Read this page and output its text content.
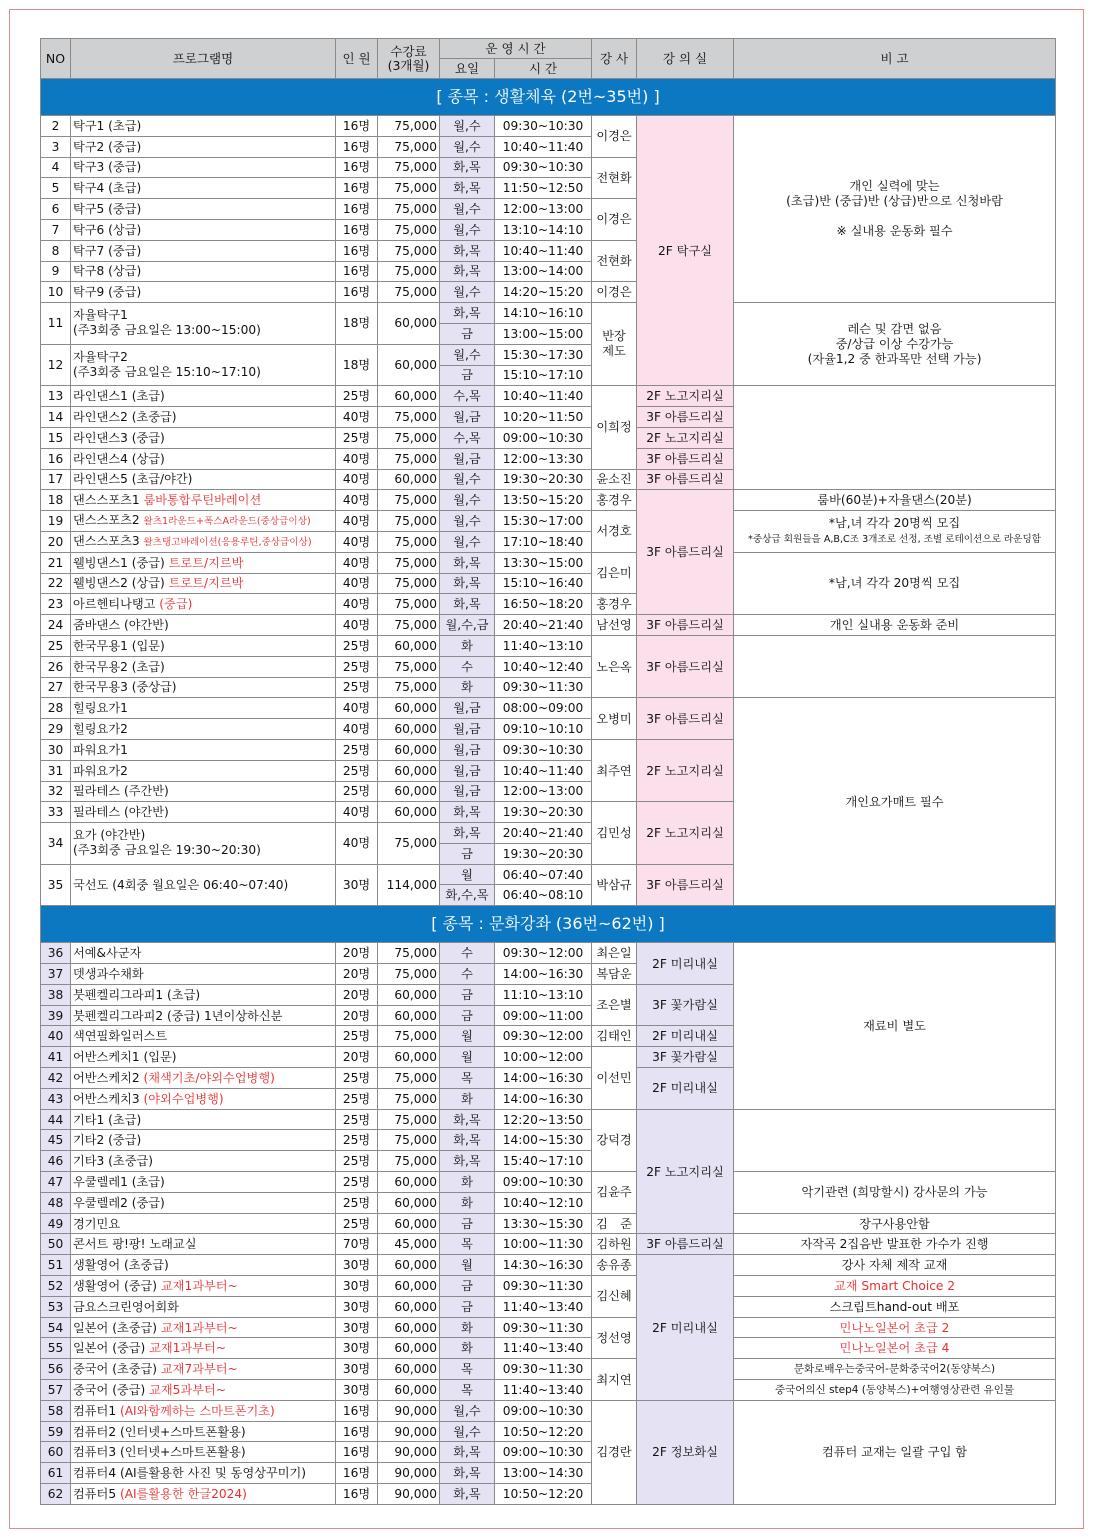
NO	프로그램명	인 원	수강료
(3개월)	운 영 시 간		강 사	강 의 실	비 고
				요일	시 간			
[ 종목 : 생활체육 (2번~35번) ]								
2	탁구1 (초급)	16명	75,000	월,수	09:30~10:30	이경은	2F 탁구실	개인 실력에 맞는
(초급)반 (중급)반 (상급)반으로 신청바람

※ 실내용 운동화 필수
3	탁구2 (중급)	16명	75,000	월,수	10:40~11:40			
4	탁구3 (중급)	16명	75,000	화,목	09:30~10:30	전현화		
5	탁구4 (초급)	16명	75,000	화,목	11:50~12:50			
6	탁구5 (중급)	16명	75,000	월,수	12:00~13:00	이경은		
7	탁구6 (상급)	16명	75,000	월,수	13:10~14:10			
8	탁구7 (중급)	16명	75,000	화,목	10:40~11:40	전현화		
9	탁구8 (상급)	16명	75,000	화,목	13:00~14:00			
10	탁구9 (중급)	16명	75,000	월,수	14:20~15:20	이경은		
11	자율탁구1
(주3회중 금요일은 13:00~15:00)	18명	60,000	화,목	14:10~16:10	반장
제도		레슨 및 감면 없음
중/상급 이상 수강가능
(자율1,2 중 한과목만 선택 가능)
				금	13:00~15:00			
12	자율탁구2
(주3회중 금요일은 15:10~17:10)	18명	60,000	월,수	15:30~17:30			
				금	15:10~17:10			
13	라인댄스1 (초급)	25명	60,000	수,목	10:40~11:40	이희정	2F 노고지리실	
14	라인댄스2 (초중급)	40명	75,000	월,금	10:20~11:50		3F 아름드리실	
15	라인댄스3 (중급)	25명	75,000	수,목	09:00~10:30		2F 노고지리실	
16	라인댄스4 (상급)	40명	75,000	월,금	12:00~13:30		3F 아름드리실	
17	라인댄스5 (초급/야간)	40명	60,000	월,수	19:30~20:30	윤소진	3F 아름드리실	
18	댄스스포츠1 룸바통합루틴바레이션	40명	75,000	월,수	13:50~15:20	홍경우	3F 아름드리실	룸바(60분)+자율댄스(20분)
19	댄스스포츠2 왈츠1라운드+폭스A라운드(중상급이상)	40명	75,000	월,수	15:30~17:00	서경호		*남,녀 각각 20명씩 모집
*중상급 회원들을 A,B,C조 3개조로 선정, 조별 로테이션으로 라운딩함
20	댄스스포츠3 왈츠탱고바레이션(응용루틴,중상급이상)	40명	75,000	월,수	17:10~18:40			
21	웰빙댄스1 (중급) 트로트/지르박	40명	75,000	화,목	13:30~15:00	김은미		*남,녀 각각 20명씩 모집
22	웰빙댄스2 (상급) 트로트/지르박	40명	75,000	화,목	15:10~16:40			
23	아르헨티나탱고 (중급)	40명	75,000	화,목	16:50~18:20	홍경우		
24	줌바댄스 (야간반)	40명	75,000	월,수,금	20:40~21:40	남선영	3F 아름드리실	개인 실내용 운동화 준비
25	한국무용1 (입문)	25명	60,000	화	11:40~13:10	노은옥	3F 아름드리실	
26	한국무용2 (초급)	25명	75,000	수	10:40~12:40			
27	한국무용3 (중상급)	25명	75,000	화	09:30~11:30			
28	힐링요가1	40명	60,000	월,금	08:00~09:00	오병미	3F 아름드리실	개인요가매트 필수
29	힐링요가2	40명	60,000	월,금	09:10~10:10			
30	파워요가1	25명	60,000	월,금	09:30~10:30	최주연	2F 노고지리실	
31	파워요가2	25명	60,000	월,금	10:40~11:40			
32	필라테스 (주간반)	25명	60,000	월,금	12:00~13:00			
33	필라테스 (야간반)	40명	60,000	화,목	19:30~20:30	김민성	2F 노고지리실	
34	요가 (야간반)
(주3회중 금요일은 19:30~20:30)	40명	75,000	화,목	20:40~21:40			
				금	19:30~20:30			
35	국선도 (4회중 월요일은 06:40~07:40)	30명	114,000	월	06:40~07:40	박삼규	3F 아름드리실	
				화,수,목	06:40~08:10			
[ 종목 : 문화강좌 (36번~62번) ]								
36	서예&사군자	20명	75,000	수	09:30~12:00	최은일	2F 미리내실	재료비 별도
37	뎃생과수채화	20명	75,000	수	14:00~16:30	복담운		
38	붓펜켈리그라피1 (초급)	20명	60,000	금	11:10~13:10	조은별	3F 꽃가람실	
39	붓펜켈리그라피2 (중급) 1년이상하신분	20명	60,000	금	09:00~11:00			
40	색연필화일러스트	25명	75,000	월	09:30~12:00	김태인	2F 미리내실	
41	어반스케치1 (입문)	20명	60,000	월	10:00~12:00	이선민	3F 꽃가람실	
42	어반스케치2 (채색기초/야외수업병행)	25명	75,000	목	14:00~16:30		2F 미리내실	
43	어반스케치3 (야외수업병행)	25명	75,000	화	14:00~16:30			
44	기타1 (초급)	25명	75,000	화,목	12:20~13:50	강덕경	2F 노고지리실	
45	기타2 (중급)	25명	75,000	화,목	14:00~15:30			
46	기타3 (초중급)	25명	75,000	화,목	15:40~17:10			
47	우쿨렐레1 (초급)	25명	60,000	화	09:00~10:30	김윤주		악기관련 (희망할시) 강사문의 가능
48	우쿨렐레2 (중급)	25명	60,000	화	10:40~12:10			
49	경기민요	25명	60,000	금	13:30~15:30	김　준		장구사용안함
50	콘서트 팡!팡! 노래교실	70명	45,000	목	10:00~11:30	김하원	3F 아름드리실	자작곡 2집음반 발표한 가수가 진행
51	생활영어 (초중급)	30명	60,000	월	14:30~16:30	송유종	2F 미리내실	강사 자체 제작 교재
52	생활영어 (중급) 교재1과부터~	30명	60,000	금	09:30~11:30	김신혜		교재 Smart Choice 2
53	금요스크린영어회화	30명	60,000	금	11:40~13:40			스크립트hand-out 배포
54	일본어 (초중급) 교재1과부터~	30명	60,000	화	09:30~11:30	정선영		민나노일본어 초급 2
55	일본어 (중급) 교재1과부터~	30명	60,000	화	11:40~13:40			민나노일본어 초급 4
56	중국어 (초중급) 교재7과부터~	30명	60,000	목	09:30~11:30	최지연		문화로배우는중국어-문화중국어2(동양북스)
57	중국어 (중급) 교재5과부터~	30명	60,000	목	11:40~13:40			중국어의신 step4 (동양북스)+여행영상관련 유인물
58	컴퓨터1 (AI와함께하는 스마트폰기초)	16명	90,000	월,수	09:00~10:30	김경란	2F 정보화실	컴퓨터 교재는 일괄 구입 함
59	컴퓨터2 (인터넷+스마트폰활용)	16명	90,000	월,수	10:50~12:20			
60	컴퓨터3 (인터넷+스마트폰활용)	16명	90,000	화,목	09:00~10:30			
61	컴퓨터4 (AI를활용한 사진 및 동영상꾸미기)	16명	90,000	화,목	13:00~14:30			
62	컴퓨터5 (AI를활용한 한글2024)	16명	90,000	화,목	10:50~12:20			
